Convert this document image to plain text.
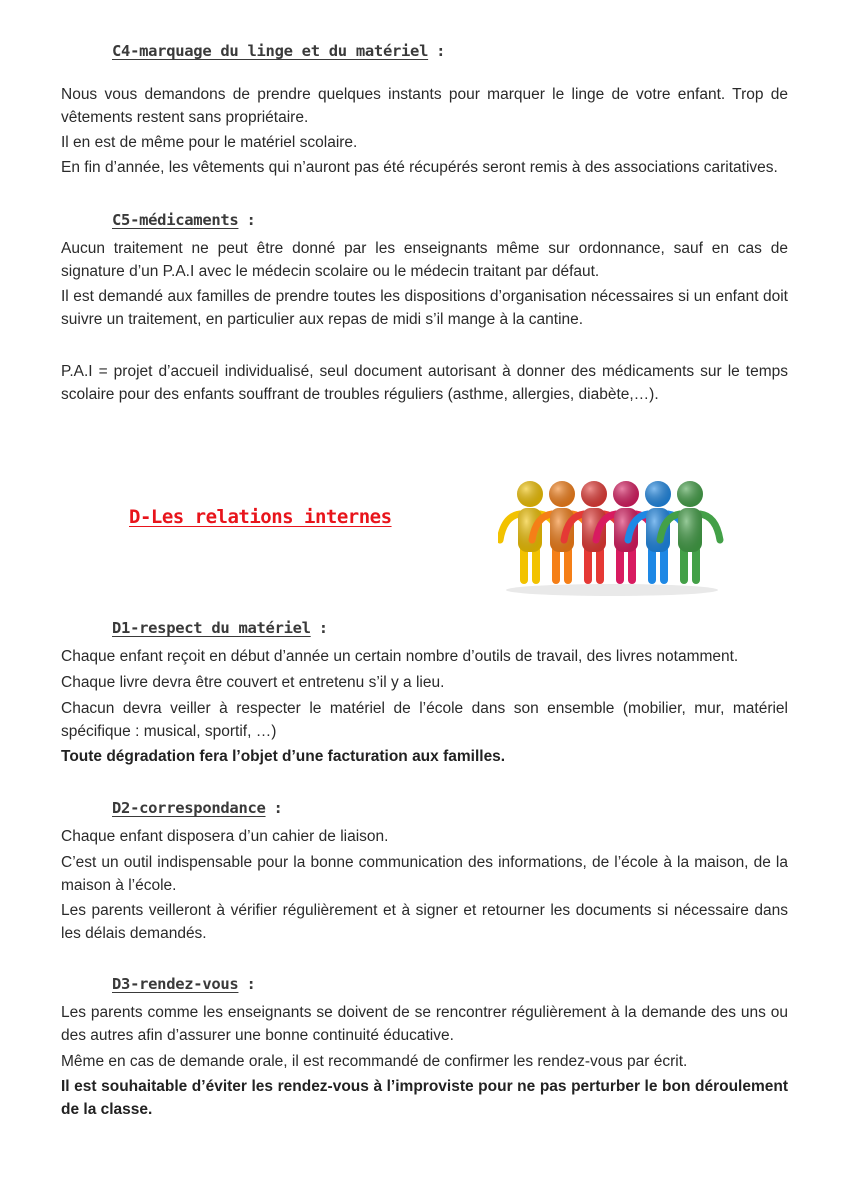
C4-marquage du linge et du matériel :

Nous vous demandons de prendre quelques instants pour marquer le linge de votre enfant. Trop de vêtements restent sans propriétaire.

Il en est de même pour le matériel scolaire.

En fin d’année, les vêtements qui n’auront pas été récupérés seront remis à des associations caritatives.

C5-médicaments :

Aucun traitement ne peut être donné par les enseignants même sur ordonnance, sauf en cas de signature d’un P.A.I avec le médecin scolaire ou le médecin traitant par défaut.

Il est demandé aux familles de prendre toutes les dispositions d’organisation nécessaires si un enfant doit suivre un traitement, en particulier aux repas de midi s’il mange à la cantine.

P.A.I = projet d’accueil individualisé, seul document autorisant à donner des médicaments sur le temps scolaire pour des enfants souffrant de troubles réguliers (asthme, allergies, diabète,…).

D-Les relations internes
D1-respect du matériel :

Chaque enfant reçoit en début d’année un certain nombre d’outils de travail, des livres notamment.

Chaque livre devra être couvert et entretenu s’il y a lieu.

Chacun devra veiller à respecter le matériel de l’école dans son ensemble (mobilier, mur, matériel spécifique : musical, sportif, …)

Toute dégradation fera l’objet d’une facturation aux familles.

D2-correspondance :

Chaque enfant disposera d’un cahier de liaison.

C’est un outil indispensable pour la bonne communication des informations, de l’école à la maison, de la maison à l’école.

Les parents veilleront à vérifier régulièrement et à signer et retourner les documents si nécessaire dans les délais demandés.

D3-rendez-vous :

Les parents comme les enseignants se doivent de se rencontrer régulièrement à la demande des uns ou des autres afin d’assurer une bonne continuité éducative.

Même en cas de demande orale, il est recommandé de confirmer les rendez-vous par écrit.

Il est souhaitable d’éviter les rendez-vous à l’improviste pour ne pas perturber le bon déroulement de la classe.
